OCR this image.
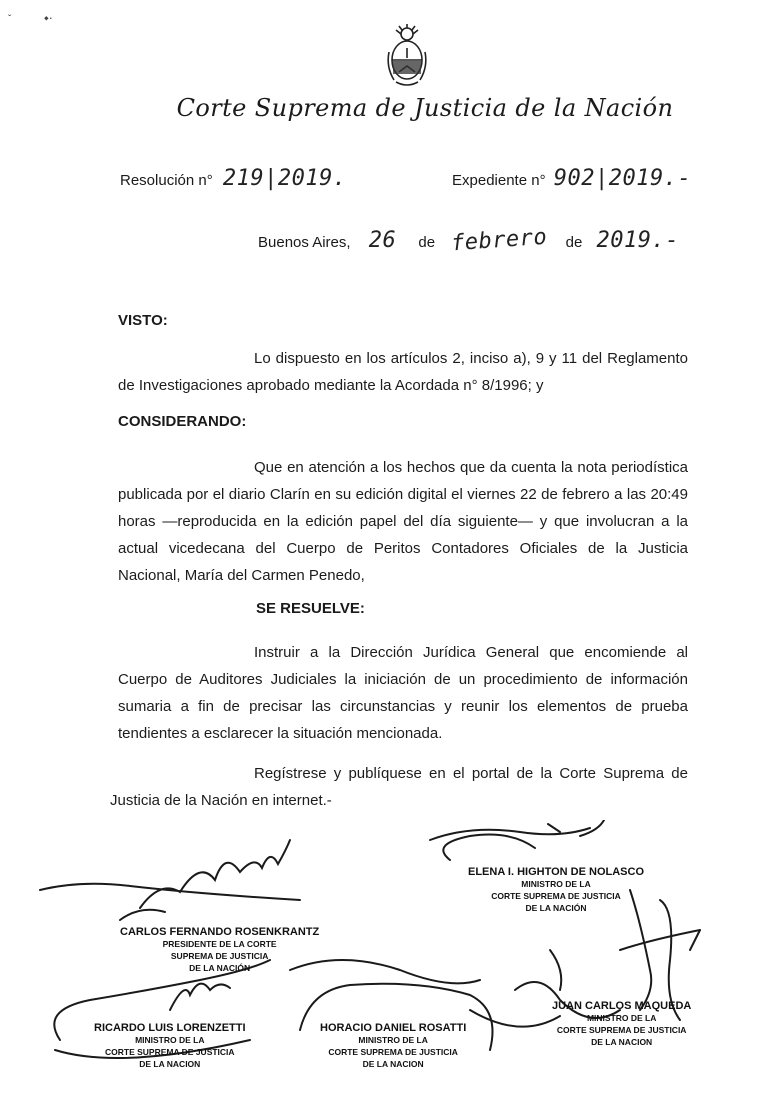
ˇ	⬩·
Corte Suprema de Justicia de la Nación
Resolución n° 219|2019.	Expediente n° 902|2019.-
Buenos Aires, 26 de febrero de 2019.-
VISTO:

Lo dispuesto en los artículos 2, inciso a), 9 y 11 del Reglamento de Investigaciones aprobado mediante la Acordada n° 8/1996; y

CONSIDERANDO:

Que en atención a los hechos que da cuenta la nota periodística publicada por el diario Clarín en su edición digital el viernes 22 de febrero a las 20:49 horas —reproducida en la edición papel del día siguiente— y que involucran a la actual vicedecana del Cuerpo de Peritos Contadores Oficiales de la Justicia Nacional, María del Carmen Penedo,

SE RESUELVE:

Instruir a la Dirección Jurídica General que encomiende al Cuerpo de Auditores Judiciales la iniciación de un procedimiento de información sumaria a fin de precisar las circunstancias y reunir los elementos de prueba tendientes a esclarecer la situación mencionada.

Regístrese y publíquese en el portal de la Corte Suprema de Justicia de la Nación en internet.-

ELENA I. HIGHTON DE NOLASCO
MINISTRO DE LA
CORTE SUPREMA DE JUSTICIA
DE LA NACIÓN
CARLOS FERNANDO ROSENKRANTZ
PRESIDENTE DE LA CORTE
SUPREMA DE JUSTICIA
DE LA NACIÓN
RICARDO LUIS LORENZETTI
MINISTRO DE LA
CORTE SUPREMA DE JUSTICIA
DE LA NACION
HORACIO DANIEL ROSATTI
MINISTRO DE LA
CORTE SUPREMA DE JUSTICIA
DE LA NACION
JUAN CARLOS MAQUEDA
MINISTRO DE LA
CORTE SUPREMA DE JUSTICIA
DE LA NACION
